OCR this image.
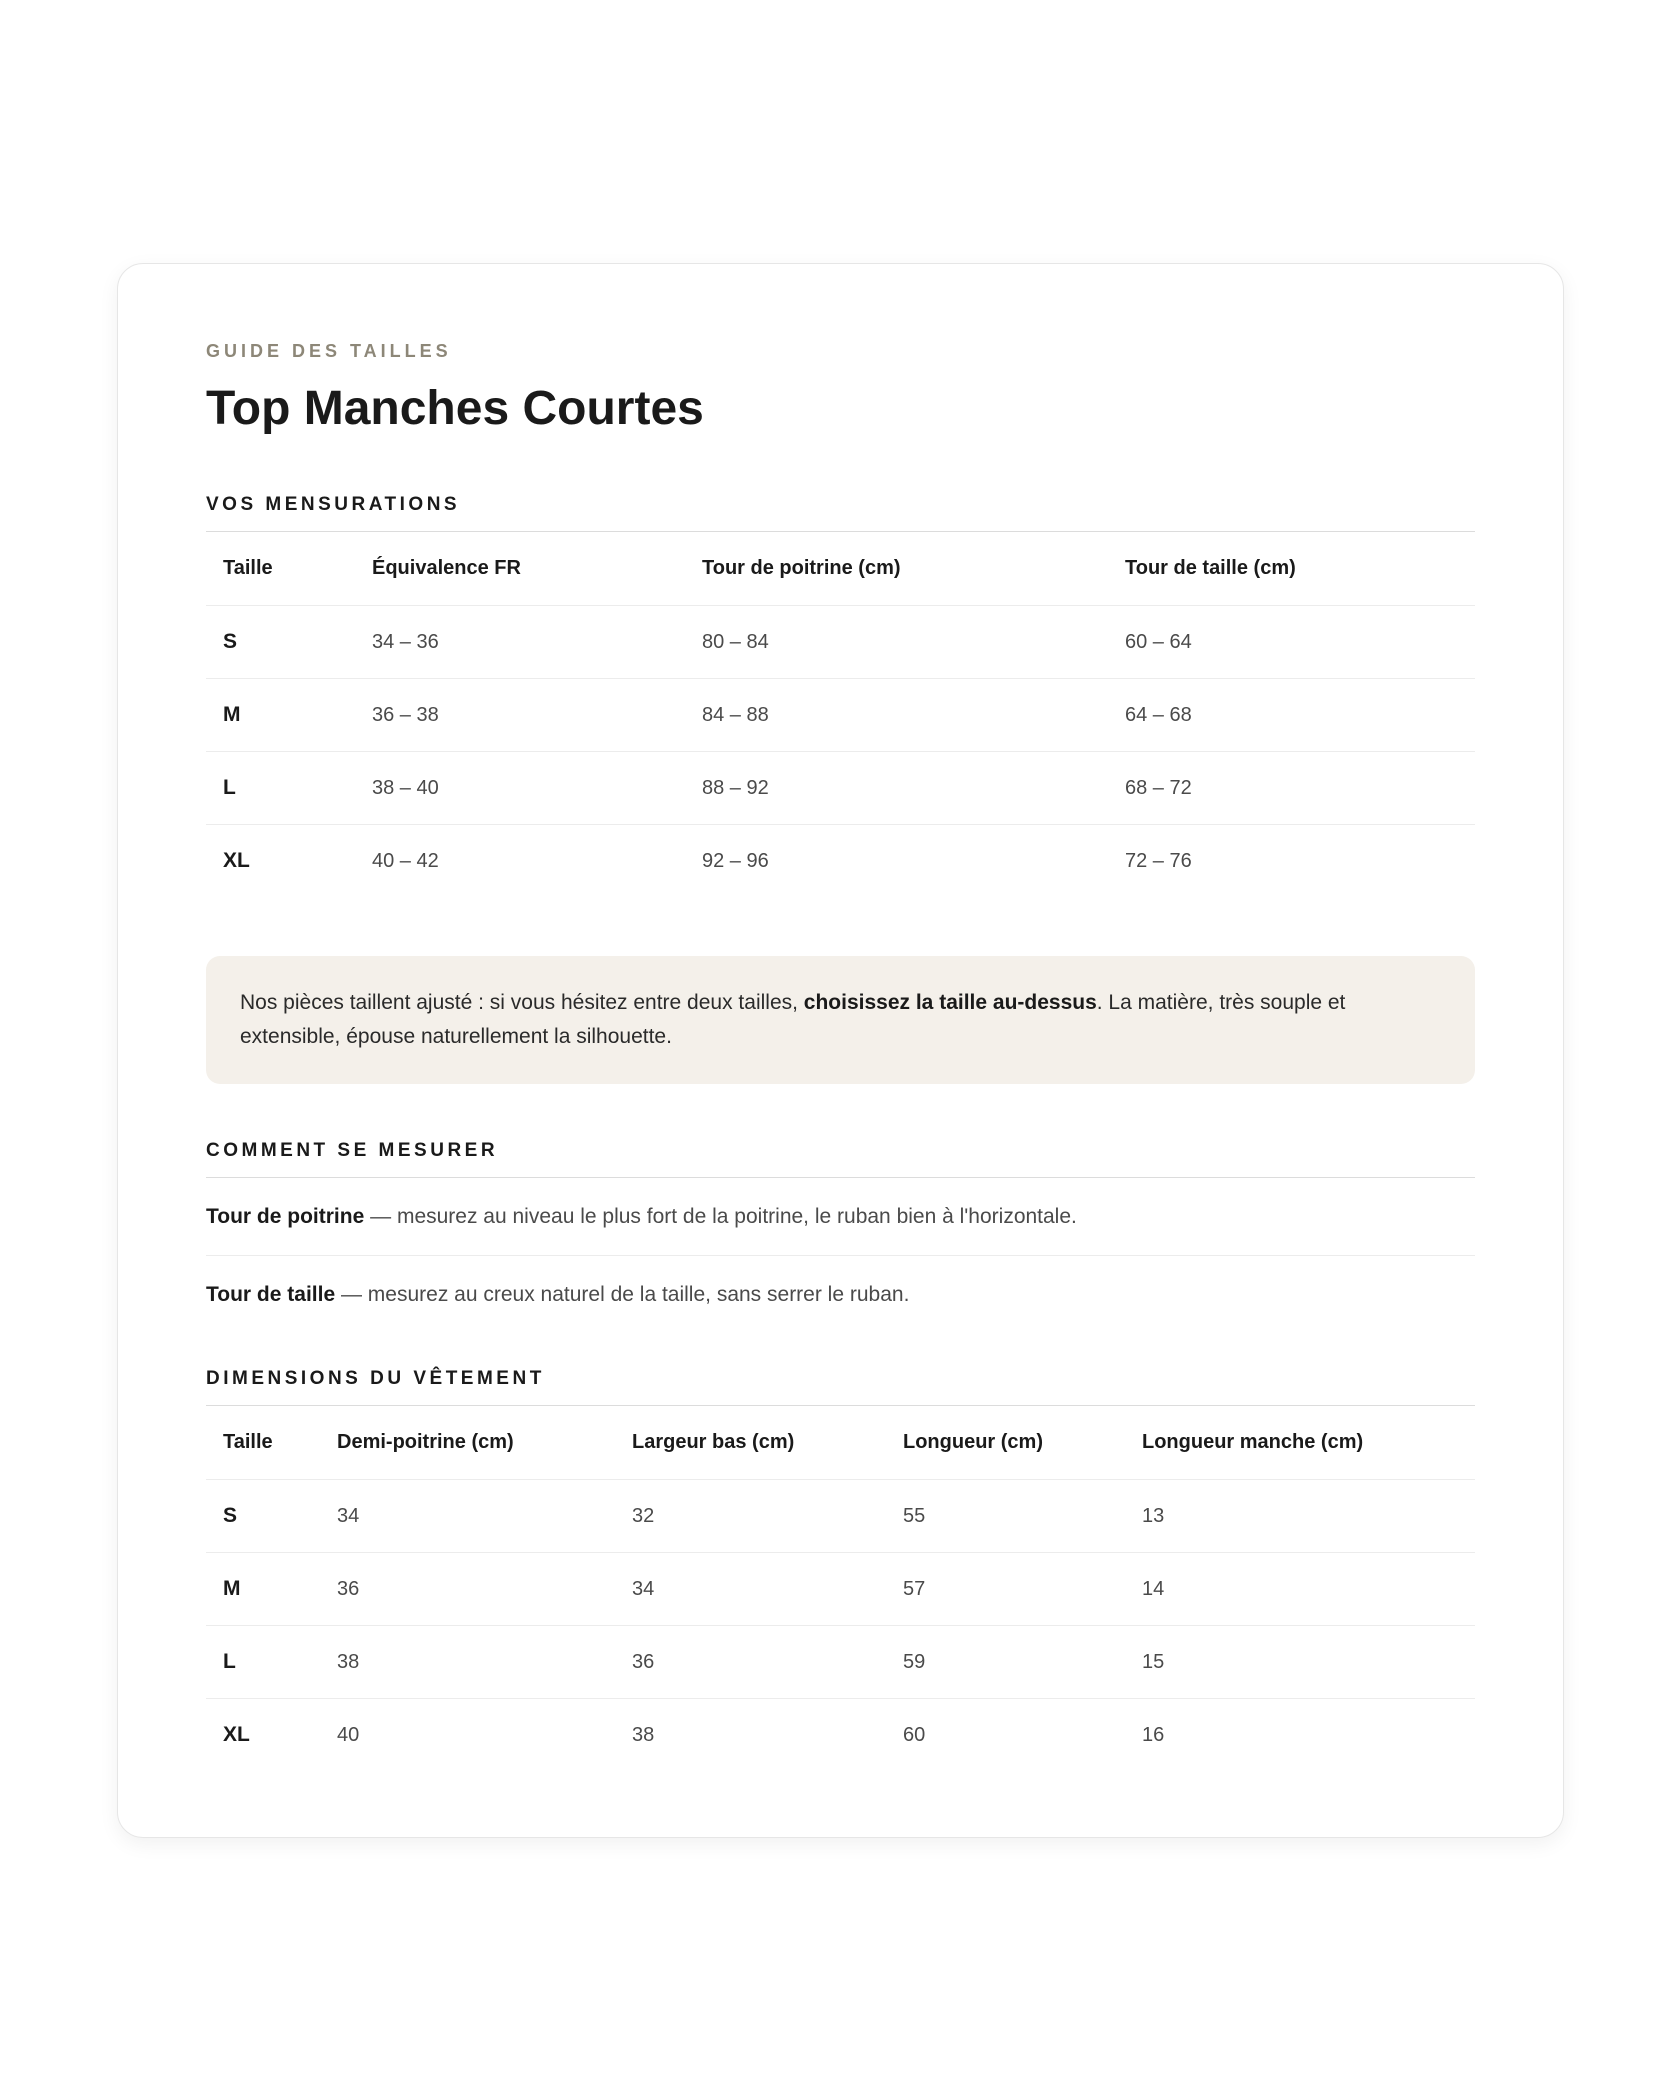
GUIDE DES TAILLES
Top Manches Courtes
VOS MENSURATIONS
Taille	Équivalence FR	Tour de poitrine (cm)	Tour de taille (cm)
S	34 – 36	80 – 84	60 – 64
M	36 – 38	84 – 88	64 – 68
L	38 – 40	88 – 92	68 – 72
XL	40 – 42	92 – 96	72 – 76
Nos pièces taillent ajusté : si vous hésitez entre deux tailles, choisissez la taille au-dessus. La matière, très souple et extensible, épouse naturellement la silhouette.
COMMENT SE MESURER
Tour de poitrine — mesurez au niveau le plus fort de la poitrine, le ruban bien à l'horizontale.
Tour de taille — mesurez au creux naturel de la taille, sans serrer le ruban.
DIMENSIONS DU VÊTEMENT
Taille	Demi-poitrine (cm)	Largeur bas (cm)	Longueur (cm)	Longueur manche (cm)
S	34	32	55	13
M	36	34	57	14
L	38	36	59	15
XL	40	38	60	16
